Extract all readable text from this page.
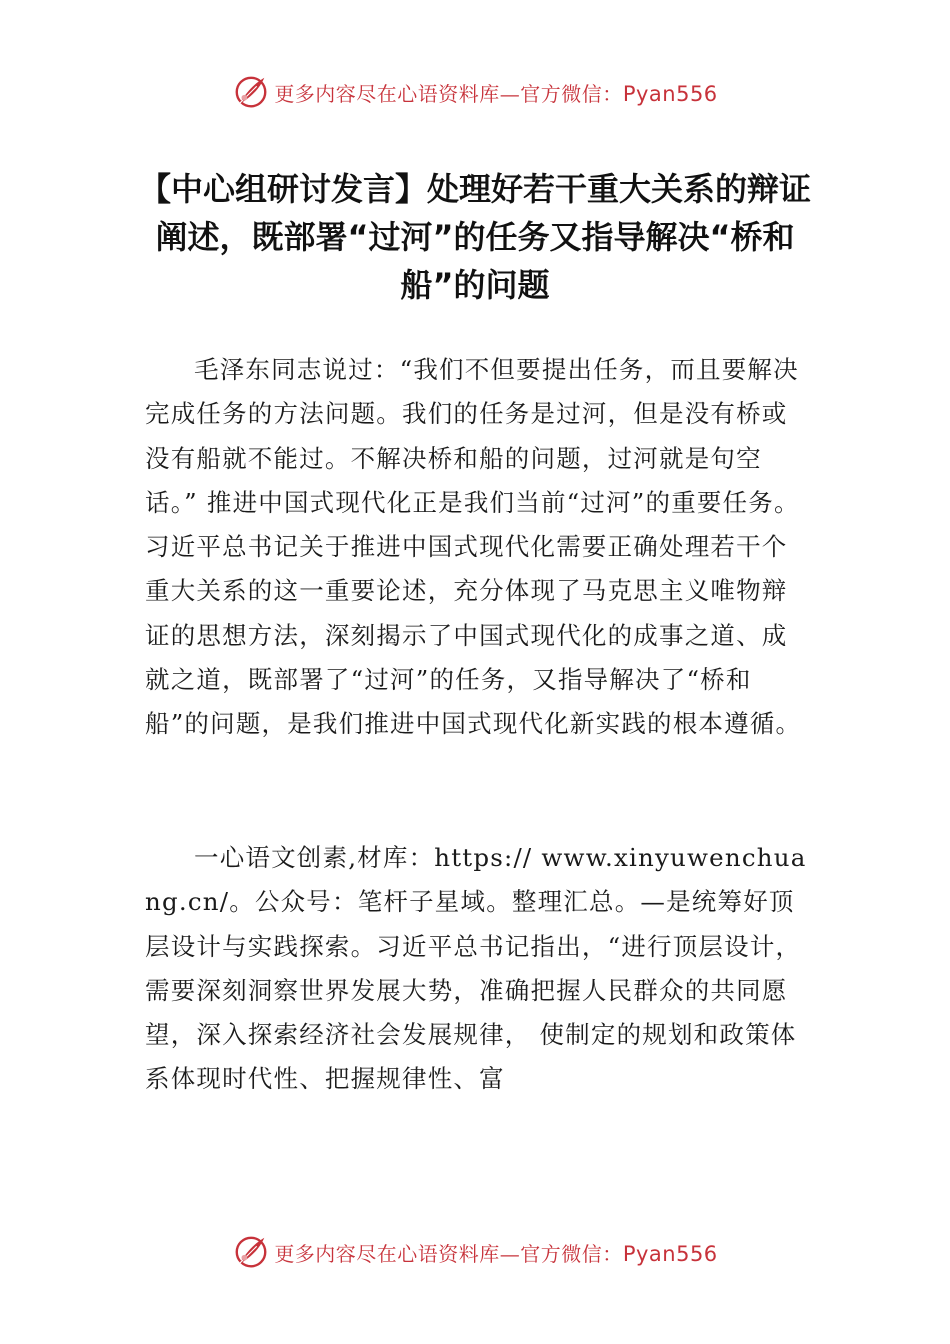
更多内容尽在心语资料库—官方微信：Pyan556
【中心组研讨发言】处理好若干重大关系的辩证阐述，既部署“过河”的任务又指导解决“桥和船”的问题

毛泽东同志说过：“我们不但要提出任务，而且要解决完成任务的方法问题。我们的任务是过河，但是没有桥或没有船就不能过。不解决桥和船的问题，过河就是句空话。” 推进中国式现代化正是我们当前“过河”的重要任务。习近平总书记关于推进中国式现代化需要正确处理若干个重大关系的这一重要论述，充分体现了马克思主义唯物辩证的思想方法，深刻揭示了中国式现代化的成事之道、成就之道，既部署了“过河”的任务，又指导解决了“桥和船”的问题，是我们推进中国式现代化新实践的根本遵循。

一心语文创素,材库：https:// www.xinyuwenchuang.cn/。公众号：笔杆子星域。整理汇总。—是统筹好顶层设计与实践探索。习近平总书记指出，“进行顶层设计，需要深刻洞察世界发展大势，准确把握人民群众的共同愿望，深入探索经济社会发展规律， 使制定的规划和政策体系体现时代性、把握规律性、富

更多内容尽在心语资料库—官方微信：Pyan556
